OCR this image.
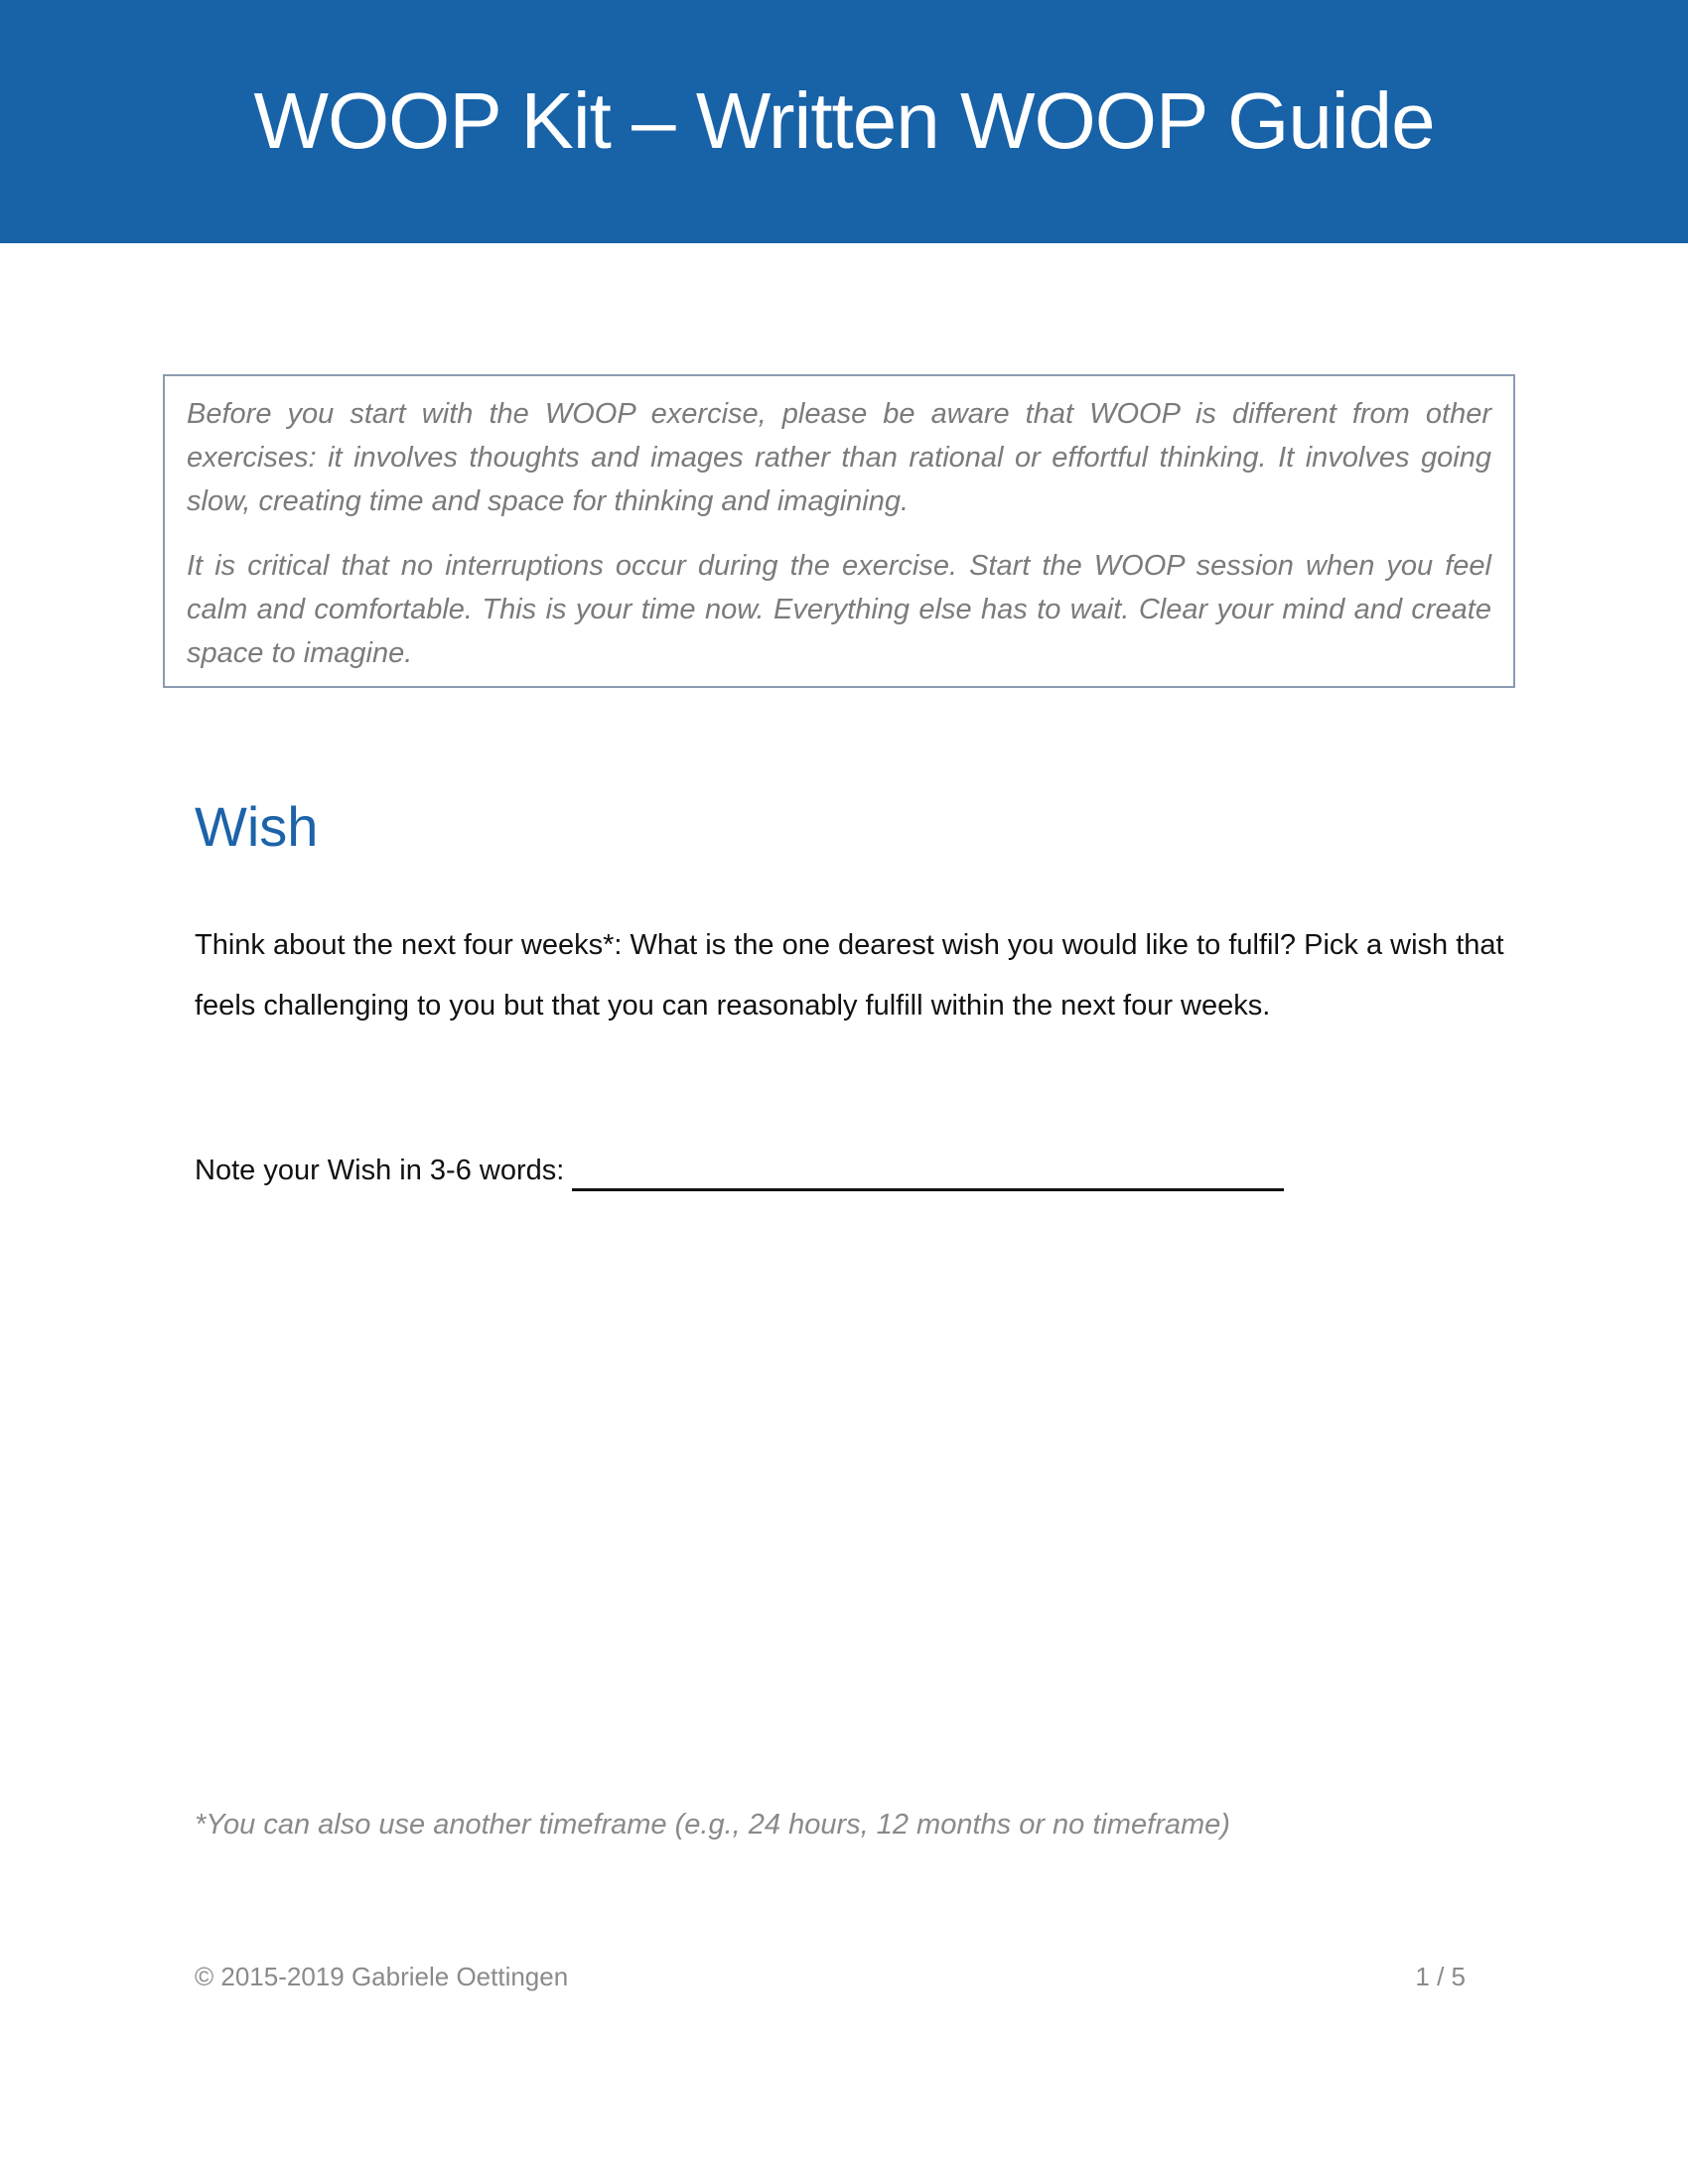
WOOP Kit – Written WOOP Guide

Before you start with the WOOP exercise, please be aware that WOOP is different from other exercises: it involves thoughts and images rather than rational or effortful thinking. It involves going slow, creating time and space for thinking and imagining.

It is critical that no interruptions occur during the exercise. Start the WOOP session when you feel calm and comfortable. This is your time now. Everything else has to wait. Clear your mind and create space to imagine.

Wish

Think about the next four weeks*: What is the one dearest wish you would like to fulfil? Pick a wish that feels challenging to you but that you can reasonably fulfill within the next four weeks.

Note your Wish in 3-6 words:
*You can also use another timeframe (e.g., 24 hours, 12 months or no timeframe)
© 2015-2019 Gabriele Oettingen	1 / 5
